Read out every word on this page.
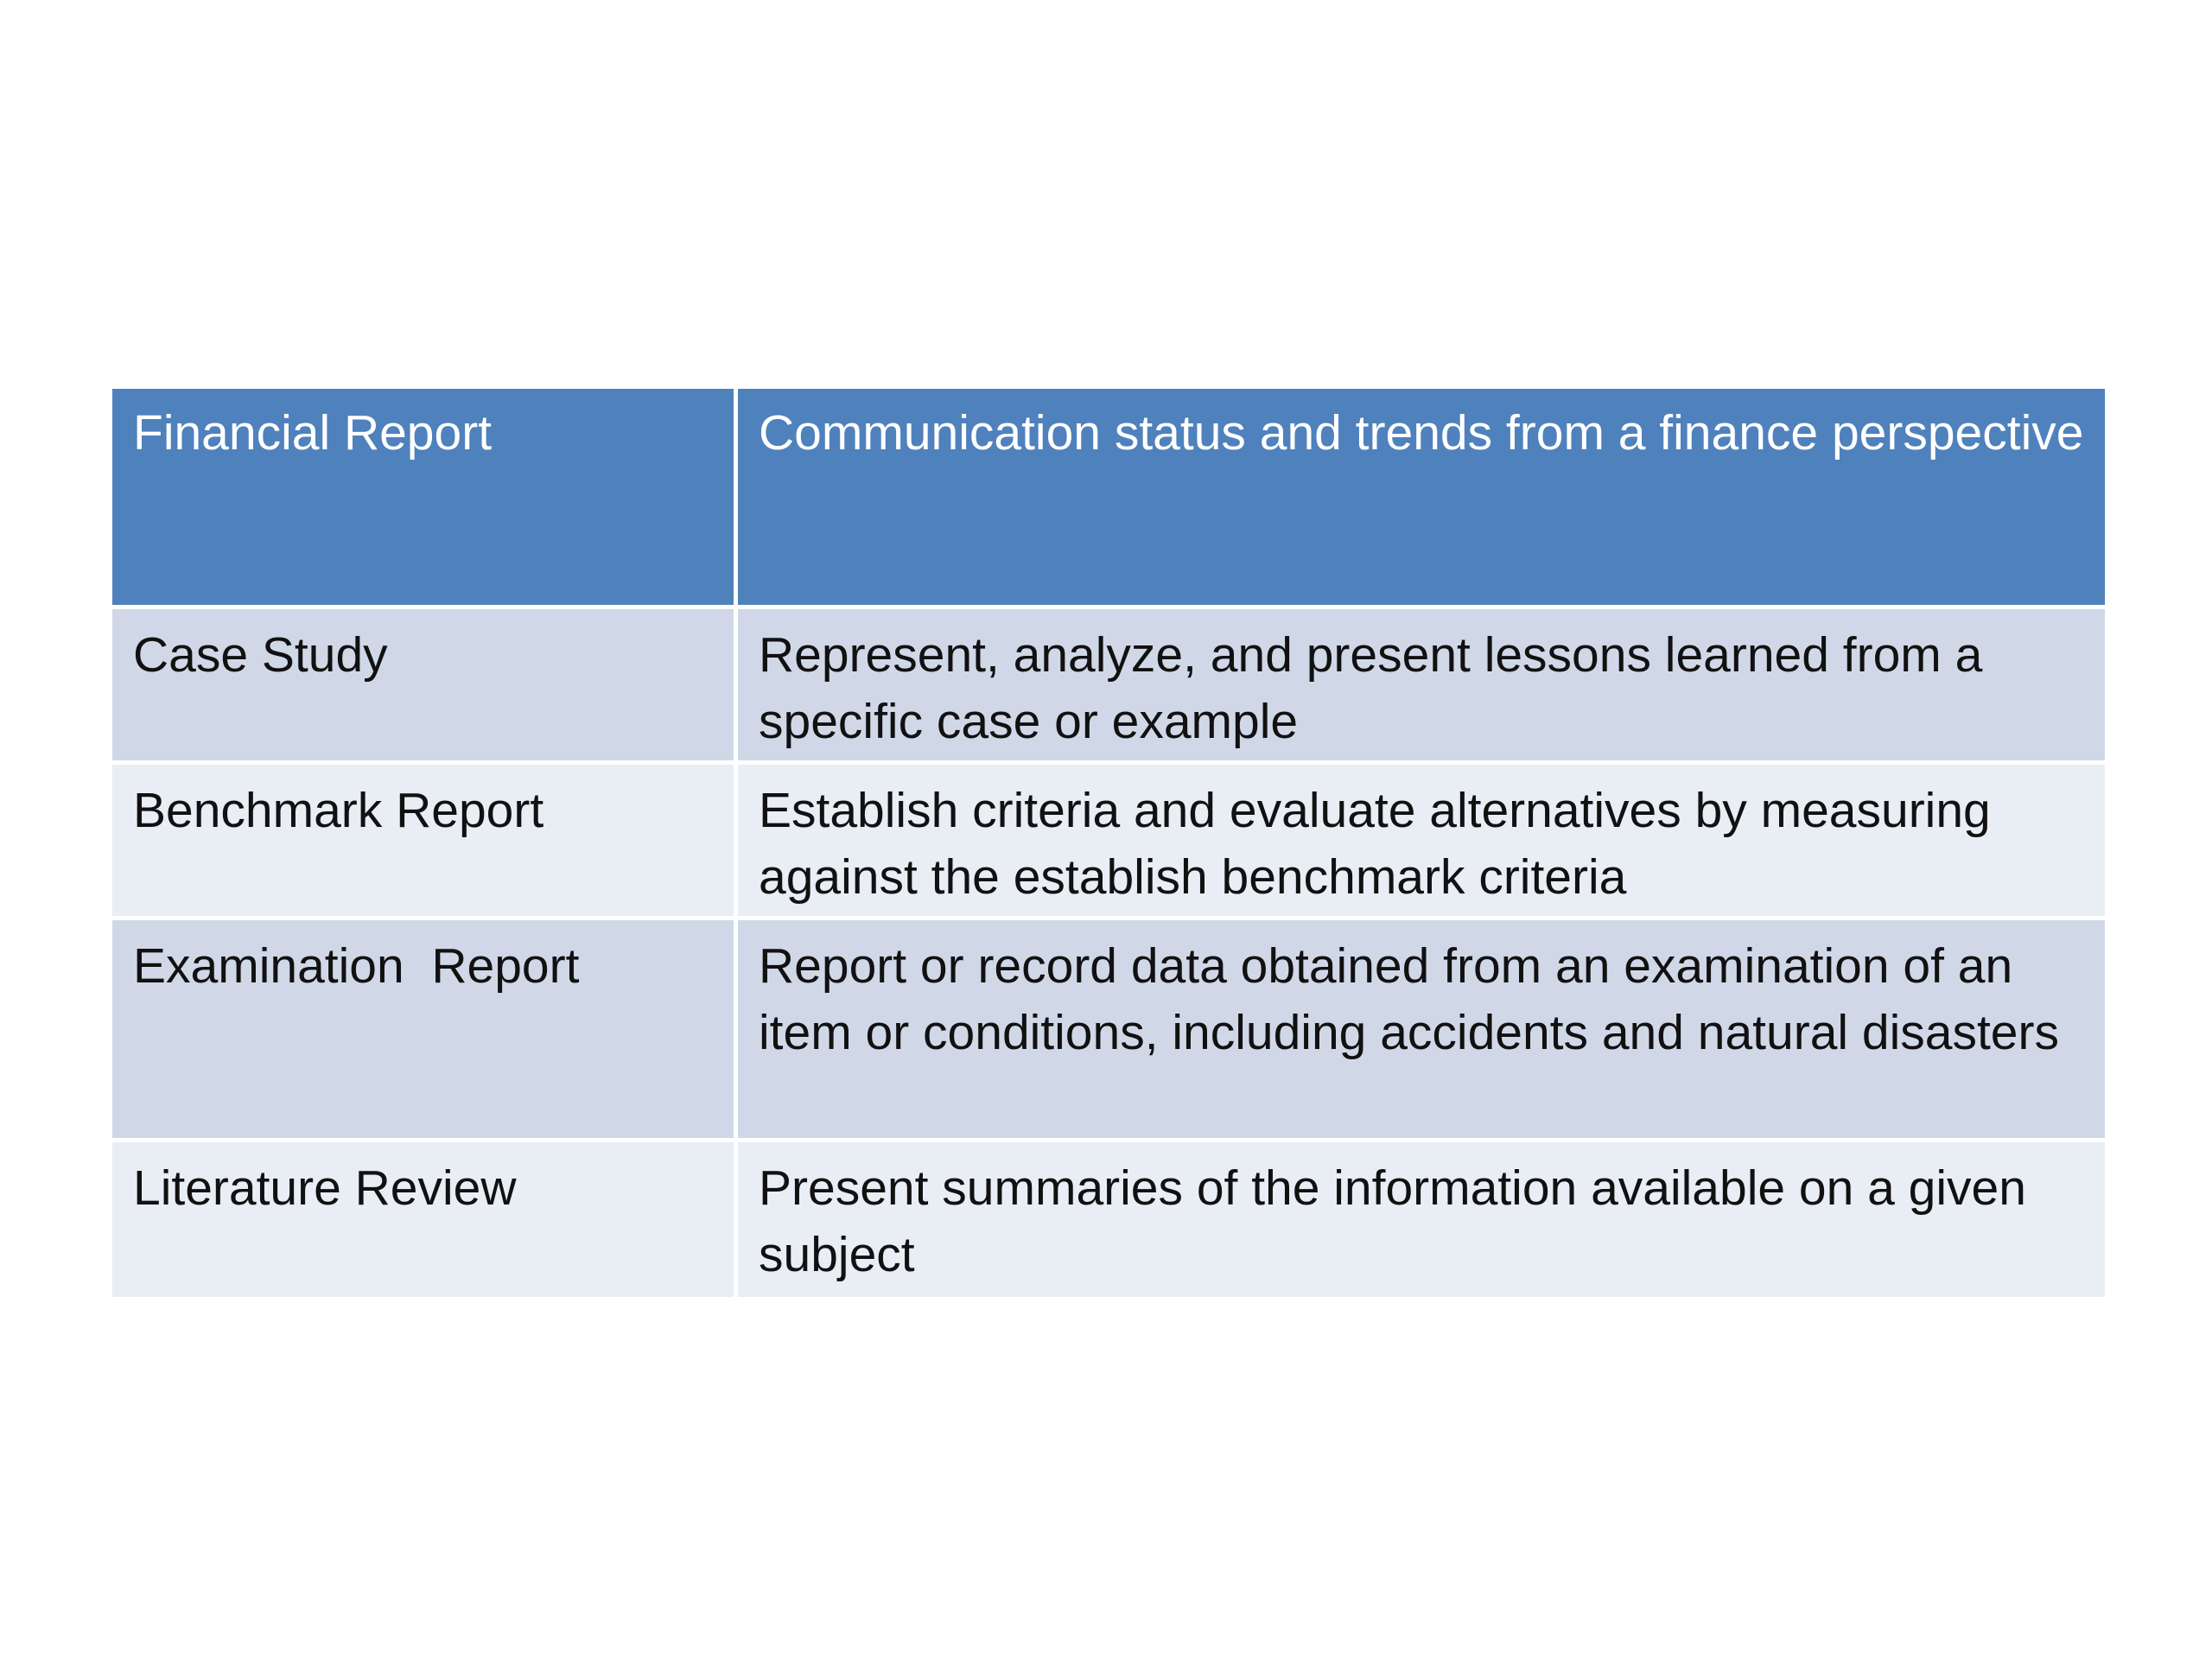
Financial Report	Communication status and trends from a finance perspective
Case Study	Represent, analyze, and present lessons learned from a specific case or example
Benchmark Report	Establish criteria and evaluate alternatives by measuring against the establish benchmark criteria
Examination  Report	Report or record data obtained from an examination of an item or conditions, including accidents and natural disasters
Literature Review	Present summaries of the information available on a given subject
